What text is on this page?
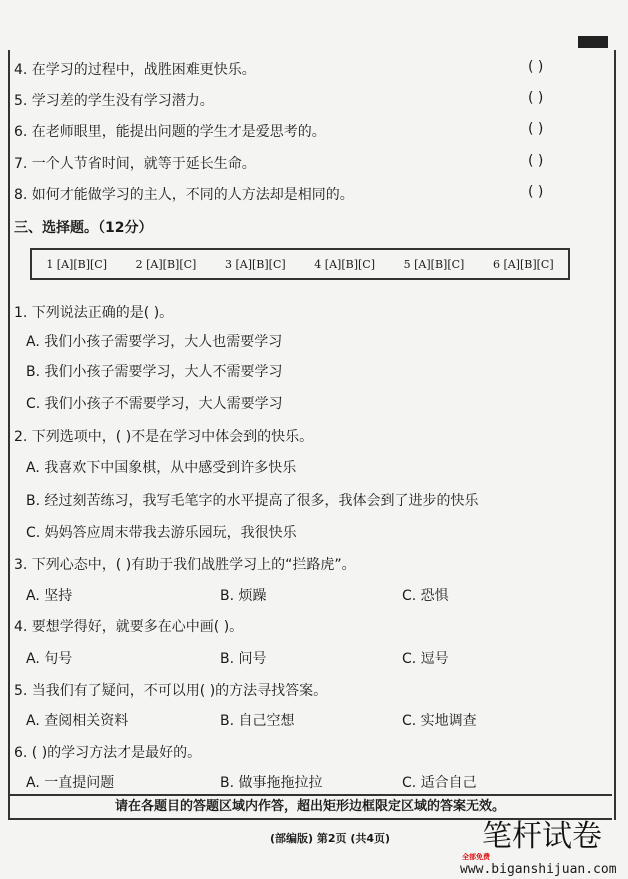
4. 在学习的过程中，战胜困难更快乐。	( )
5. 学习差的学生没有学习潜力。	( )
6. 在老师眼里，能提出问题的学生才是爱思考的。	( )
7. 一个人节省时间，就等于延长生命。	( )
8. 如何才能做学习的主人，不同的人方法却是相同的。	( )
三、选择题。（12分）
1 [A][B][C]	2 [A][B][C]	3 [A][B][C]	4 [A][B][C]	5 [A][B][C]	6 [A][B][C]
1. 下列说法正确的是( )。
A. 我们小孩子需要学习，大人也需要学习
B. 我们小孩子需要学习，大人不需要学习
C. 我们小孩子不需要学习，大人需要学习
2. 下列选项中，( )不是在学习中体会到的快乐。
A. 我喜欢下中国象棋，从中感受到许多快乐
B. 经过刻苦练习，我写毛笔字的水平提高了很多，我体会到了进步的快乐
C. 妈妈答应周末带我去游乐园玩，我很快乐
3. 下列心态中，( )有助于我们战胜学习上的“拦路虎”。
A. 坚持	B. 烦躁	C. 恐惧
4. 要想学得好，就要多在心中画( )。
A. 句号	B. 问号	C. 逗号
5. 当我们有了疑问，不可以用( )的方法寻找答案。
A. 查阅相关资料	B. 自己空想	C. 实地调查
6. ( )的学习方法才是最好的。
A. 一直提问题	B. 做事拖拖拉拉	C. 适合自己
请在各题目的答题区域内作答，超出矩形边框限定区域的答案无效。
(部编版) 第2页 (共4页)	笔杆试卷
全部免费
www.biganshijuan.com
